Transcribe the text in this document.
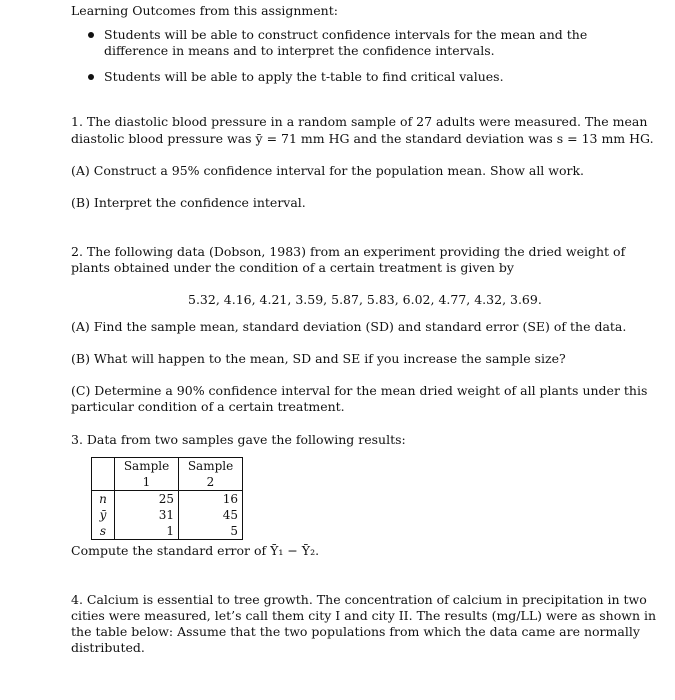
Learning Outcomes from this assignment:
Students will be able to construct confidence intervals for the mean and the difference in means and to interpret the confidence intervals.
Students will be able to apply the t-table to find critical values.
1. The diastolic blood pressure in a random sample of 27 adults were measured. The mean
diastolic blood pressure was ȳ = 71 mm HG and the standard deviation was s = 13 mm HG.
(A) Construct a 95% confidence interval for the population mean. Show all work.
(B) Interpret the confidence interval.
2. The following data (Dobson, 1983) from an experiment providing the dried weight of
plants obtained under the condition of a certain treatment is given by
5.32, 4.16, 4.21, 3.59, 5.87, 5.83, 6.02, 4.77, 4.32, 3.69.
(A) Find the sample mean, standard deviation (SD) and standard error (SE) of the data.
(B) What will happen to the mean, SD and SE if you increase the sample size?
(C) Determine a 90% confidence interval for the mean dried weight of all plants under this
particular condition of a certain treatment.
3. Data from two samples gave the following results:
	Sample 1	Sample 2
n	25	16
ȳ	31	45
s	1	5
Compute the standard error of Ȳ₁ − Ȳ₂.
4. Calcium is essential to tree growth. The concentration of calcium in precipitation in two
cities were measured, let’s call them city I and city II. The results (mg/LL) were as shown in
the table below: Assume that the two populations from which the data came are normally
distributed.
